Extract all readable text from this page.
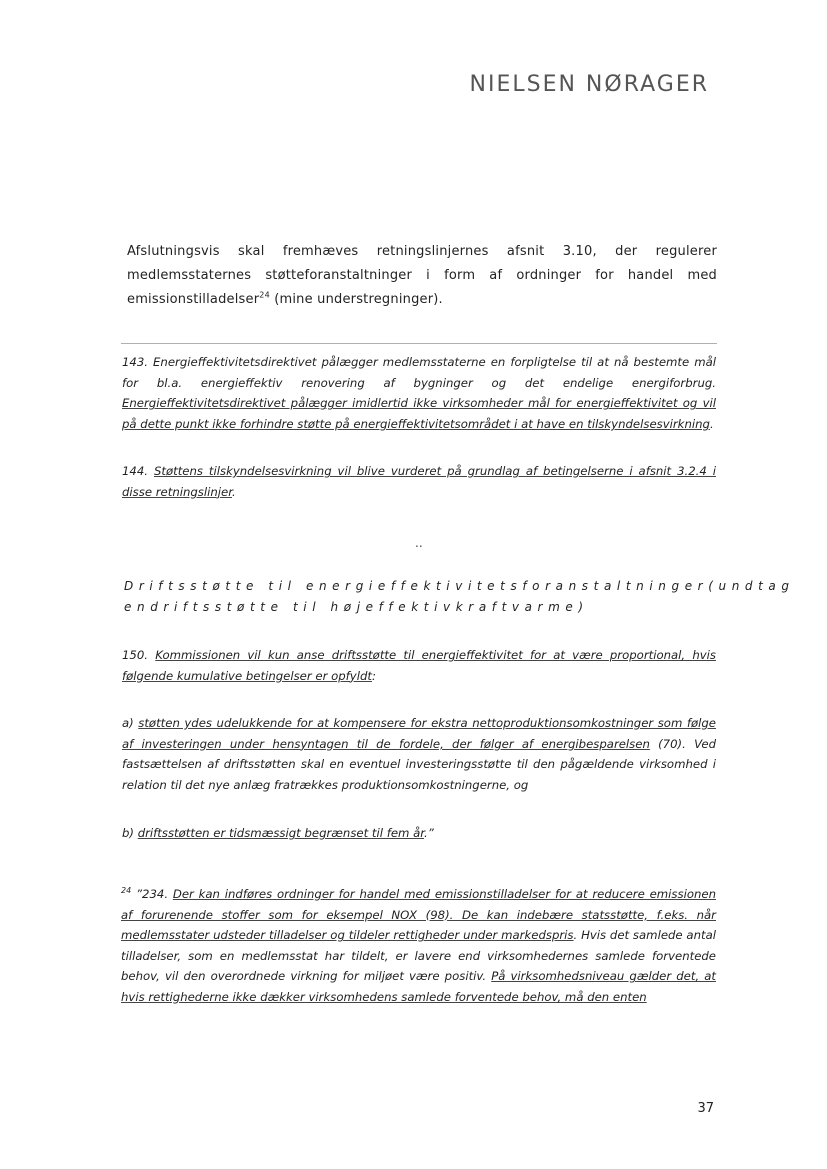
NIELSEN NØRAGER
Afslutningsvis skal fremhæves retningslinjernes afsnit 3.10, der regulerer medlemsstaternes støtteforanstaltninger i form af ordninger for handel med emissionstilladelser$^{24}$ (mine understregninger).
143. Energieffektivitetsdirektivet pålægger medlemsstaterne en forpligtelse til at nå bestemte mål for bl.a. energieffektiv renovering af bygninger og det endelige energiforbrug. Energieffektivitetsdirektivet pålægger imidlertid ikke virksomheder mål for energieffektivitet og vil på dette punkt ikke forhindre støtte på energieffektivitetsområdet i at have en tilskyndelsesvirkning.
144. Støttens tilskyndelsesvirkning vil blive vurderet på grundlag af betingelserne i afsnit 3.2.4 i disse retningslinjer.
..
Driftsstøtte til energieffektivitetsforanstaltninger(undtag
endriftsstøtte til højeffektivkraftvarme)
150. Kommissionen vil kun anse driftsstøtte til energieffektivitet for at være proportional, hvis følgende kumulative betingelser er opfyldt:
a) støtten ydes udelukkende for at kompensere for ekstra nettoproduktionsomkostninger som følge af investeringen under hensyntagen til de fordele, der følger af energibesparelsen (70). Ved fastsættelsen af driftsstøtten skal en eventuel investeringsstøtte til den pågældende virksomhed i relation til det nye anlæg fratrækkes produktionsomkostningerne, og
b) driftsstøtten er tidsmæssigt begrænset til fem år.”
$^{24}$ ”234. Der kan indføres ordninger for handel med emissionstilladelser for at reducere emissionen af forurenende stoffer som for eksempel NOX (98). De kan indebære statsstøtte, f.eks. når medlemsstater udsteder tilladelser og tildeler rettigheder under markedspris. Hvis det samlede antal tilladelser, som en medlemsstat har tildelt, er lavere end virksomhedernes samlede forventede behov, vil den overordnede virkning for miljøet være positiv. På virksomhedsniveau gælder det, at hvis rettighederne ikke dækker virksomhedens samlede forventede behov, må den enten
37
